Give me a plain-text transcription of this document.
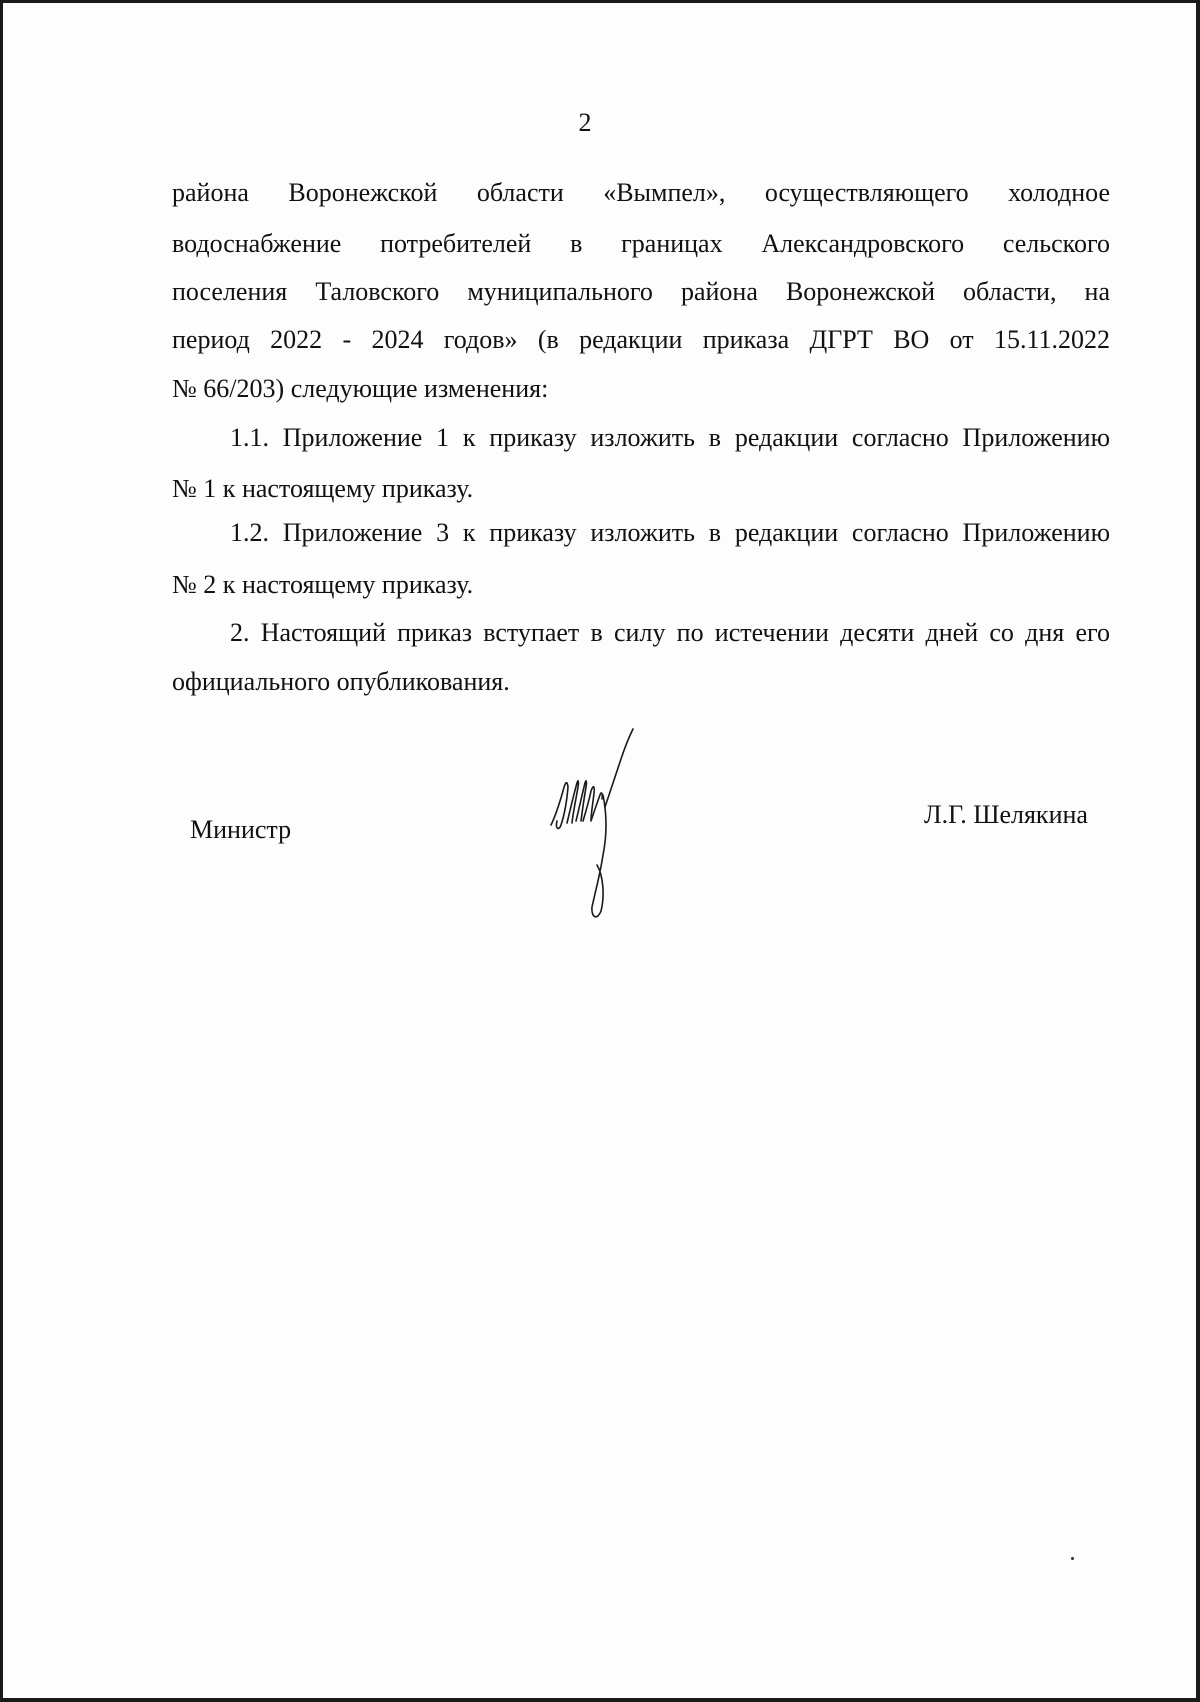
2
района Воронежской области «Вымпел», осуществляющего холодное
водоснабжение потребителей в границах Александровского сельского
поселения Таловского муниципального района Воронежской области, на
период 2022 - 2024 годов» (в редакции приказа ДГРТ ВО от 15.11.2022
№ 66/203) следующие изменения:
1.1. Приложение 1 к приказу изложить в редакции согласно Приложению
№ 1 к настоящему приказу.
1.2. Приложение 3 к приказу изложить в редакции согласно Приложению
№ 2 к настоящему приказу.
2. Настоящий приказ вступает в силу по истечении десяти дней со дня его
официального опубликования.
Министр
Л.Г. Шелякина
